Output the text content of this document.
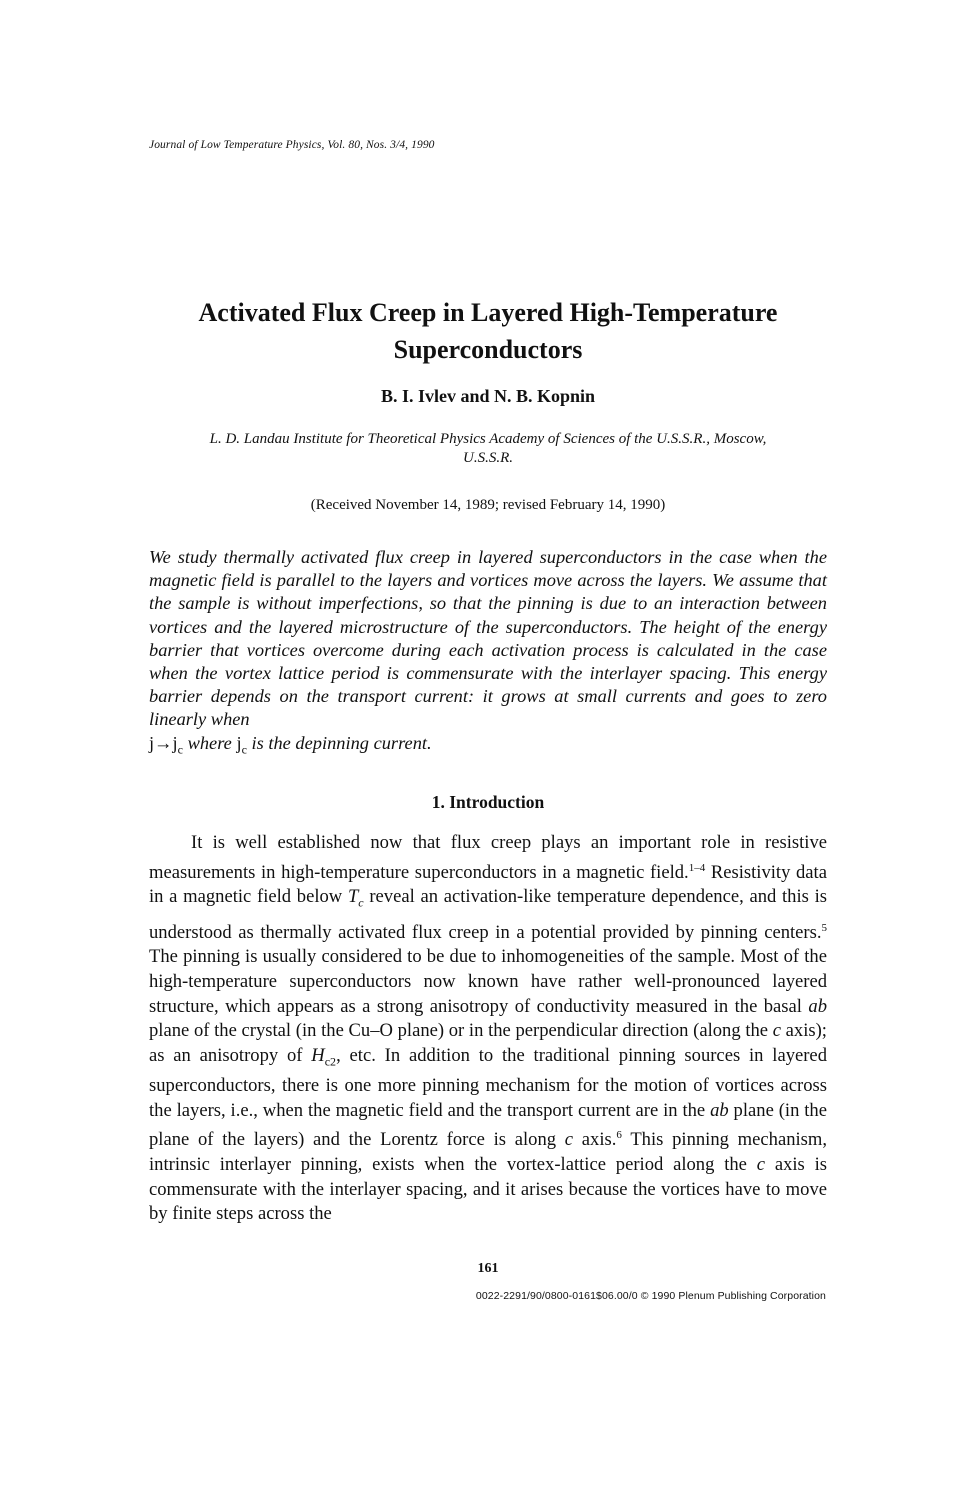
Journal of Low Temperature Physics, Vol. 80, Nos. 3/4, 1990
Activated Flux Creep in Layered High-Temperature
Superconductors
B. I. Ivlev and N. B. Kopnin
L. D. Landau Institute for Theoretical Physics Academy of Sciences of the U.S.S.R., Moscow,
U.S.S.R.
(Received November 14, 1989; revised February 14, 1990)

We study thermally activated flux creep in layered superconductors in the case when the magnetic field is parallel to the layers and vortices move across the layers. We assume that the sample is without imperfections, so that the pinning is due to an interaction between vortices and the layered microstructure of the superconductors. The height of the energy barrier that vortices overcome during each activation process is calculated in the case when the vortex lattice period is commensurate with the interlayer spacing. This energy barrier depends on the transport current: it grows at small currents and goes to zero linearly when
$j\to j_c$ where $j_c$ is the depinning current.

1. Introduction

It is well established now that flux creep plays an important role in resistive measurements in high-temperature superconductors in a magnetic field.$^{1-4}$ Resistivity data in a magnetic field below $T_c$ reveal an activation-like temperature dependence, and this is understood as thermally activated flux creep in a potential provided by pinning centers.$^5$ The pinning is usually considered to be due to inhomogeneities of the sample. Most of the high-temperature superconductors now known have rather well-pronounced layered structure, which appears as a strong anisotropy of conductivity measured in the basal ab plane of the crystal (in the Cu–O plane) or in the perpendicular direction (along the c axis); as an anisotropy of $H_{c2}$, etc. In addition to the traditional pinning sources in layered superconductors, there is one more pinning mechanism for the motion of vortices across the layers, i.e., when the magnetic field and the transport current are in the ab plane (in the plane of the layers) and the Lorentz force is along c axis.$^6$ This pinning mechanism, intrinsic interlayer pinning, exists when the vortex-lattice period along the c axis is commensurate with the interlayer spacing, and it arises because the vortices have to move by finite steps across the

161
0022-2291/90/0800-0161$06.00/0 © 1990 Plenum Publishing Corporation
